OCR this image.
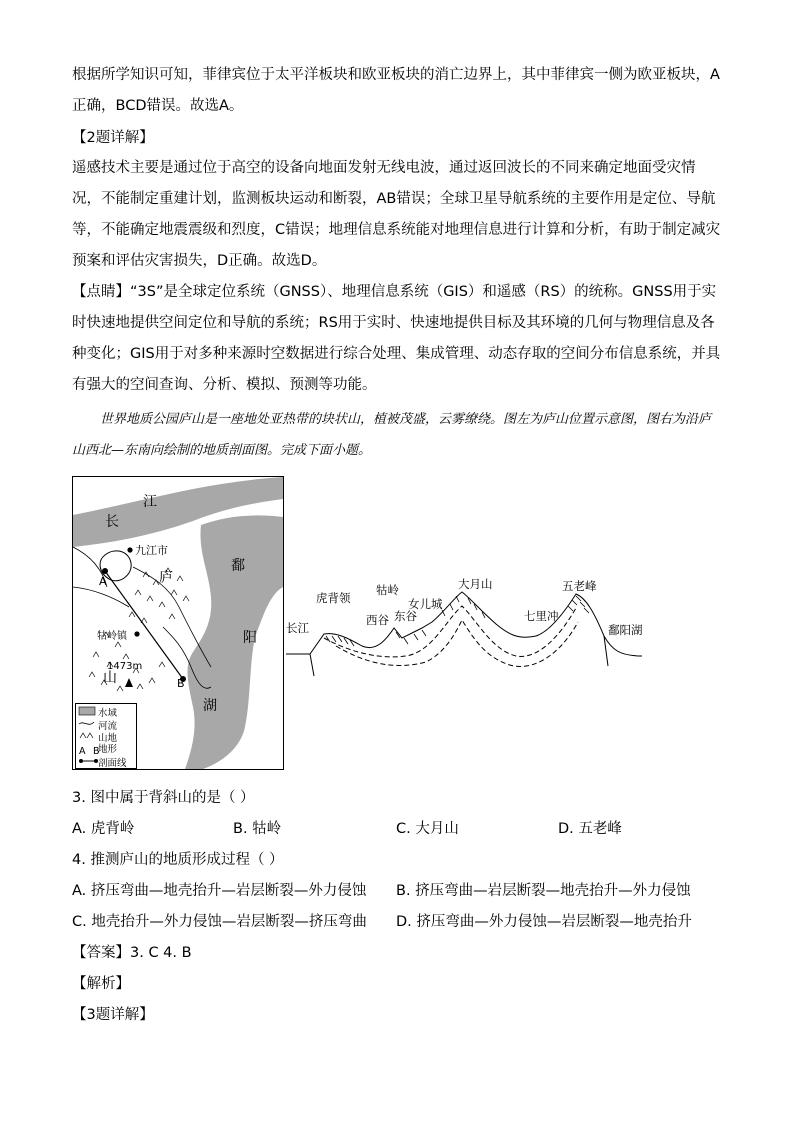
根据所学知识可知，菲律宾位于太平洋板块和欧亚板块的消亡边界上，其中菲律宾一侧为欧亚板块，A正确，BCD错误。故选A。

【2题详解】

遥感技术主要是通过位于高空的设备向地面发射无线电波，通过返回波长的不同来确定地面受灾情况，不能制定重建计划，监测板块运动和断裂，AB错误；全球卫星导航系统的主要作用是定位、导航等，不能确定地震震级和烈度，C错误；地理信息系统能对地理信息进行计算和分析，有助于制定减灾预案和评估灾害损失，D正确。故选D。

【点睛】“3S”是全球定位系统（GNSS）、地理信息系统（GIS）和遥感（RS）的统称。GNSS用于实时快速地提供空间定位和导航的系统；RS用于实时、快速地提供目标及其环境的几何与物理信息及各种变化；GIS用于对多种来源时空数据进行综合处理、集成管理、动态存取的空间分布信息系统，并具有强大的空间查询、分析、模拟、预测等功能。

世界地质公园庐山是一座地处亚热带的块状山，植被茂盛，云雾缭绕。图左为庐山位置示意图，图右为沿庐山西北—东南向绘制的地质剖面图。完成下面小题。

江
长
九江市
庐
山
鄱
阳
湖
A
B
牯岭镇
1473m
水域
河流
山地
地形
A B
剖面线
长江
虎背领
西谷
牯岭
东谷
女儿城
大月山
七里冲
五老峰
鄱阳湖
3. 图中属于背斜山的是（ ）
A. 虎背岭	B. 牯岭	C. 大月山	D. 五老峰
4. 推测庐山的地质形成过程（ ）
A. 挤压弯曲—地壳抬升—岩层断裂—外力侵蚀 B. 挤压弯曲—岩层断裂—地壳抬升—外力侵蚀
C. 地壳抬升—外力侵蚀—岩层断裂—挤压弯曲 D. 挤压弯曲—外力侵蚀—岩层断裂—地壳抬升
【答案】3. C 4. B
【解析】
【3题详解】
